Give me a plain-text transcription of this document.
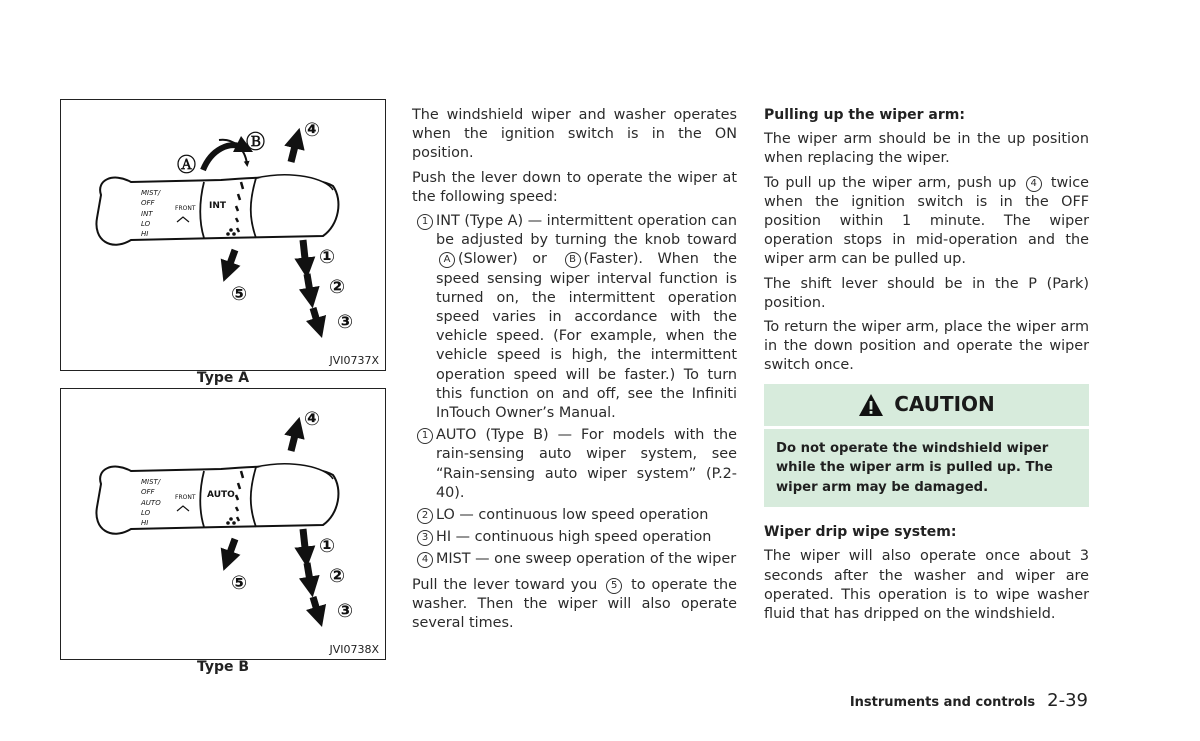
MIST/
OFF
INT
LO
HI
FRONT INT
④
①
②
③
⑤
Ⓐ
Ⓑ
JVI0737X
Type A
MIST/
OFF
AUTO
LO
HI
FRONT AUTO
④
①
②
③
⑤
JVI0738X
Type B

The windshield wiper and washer operates when the ignition switch is in the ON position.

Push the lever down to operate the wiper at the following speed:

1 INT (Type A) — intermittent operation can be adjusted by turning the knob toward A (Slower) or B (Faster). When the speed sensing wiper interval function is turned on, the intermittent operation speed varies in accordance with the vehicle speed. (For example, when the vehicle speed is high, the intermittent operation speed will be faster.) To turn this function on and off, see the Infiniti InTouch Owner’s Manual.
1 AUTO (Type B) — For models with the rain-sensing auto wiper system, see “Rain-sensing auto wiper system” (P.2-40).
2 LO — continuous low speed operation
3 HI — continuous high speed operation
4 MIST — one sweep operation of the wiper

Pull the lever toward you 5 to operate the washer. Then the wiper will also operate several times.

Pulling up the wiper arm:

The wiper arm should be in the up position when replacing the wiper.

To pull up the wiper arm, push up 4 twice when the ignition switch is in the OFF position within 1 minute. The wiper operation stops in mid-operation and the wiper arm can be pulled up.

The shift lever should be in the P (Park) position.

To return the wiper arm, place the wiper arm in the down position and operate the wiper switch once.

CAUTION
Do not operate the windshield wiper while the wiper arm is pulled up. The wiper arm may be damaged.
Wiper drip wipe system:

The wiper will also operate once about 3 seconds after the washer and wiper are operated. This operation is to wipe washer fluid that has dripped on the windshield.

Instruments and controls 2-39
